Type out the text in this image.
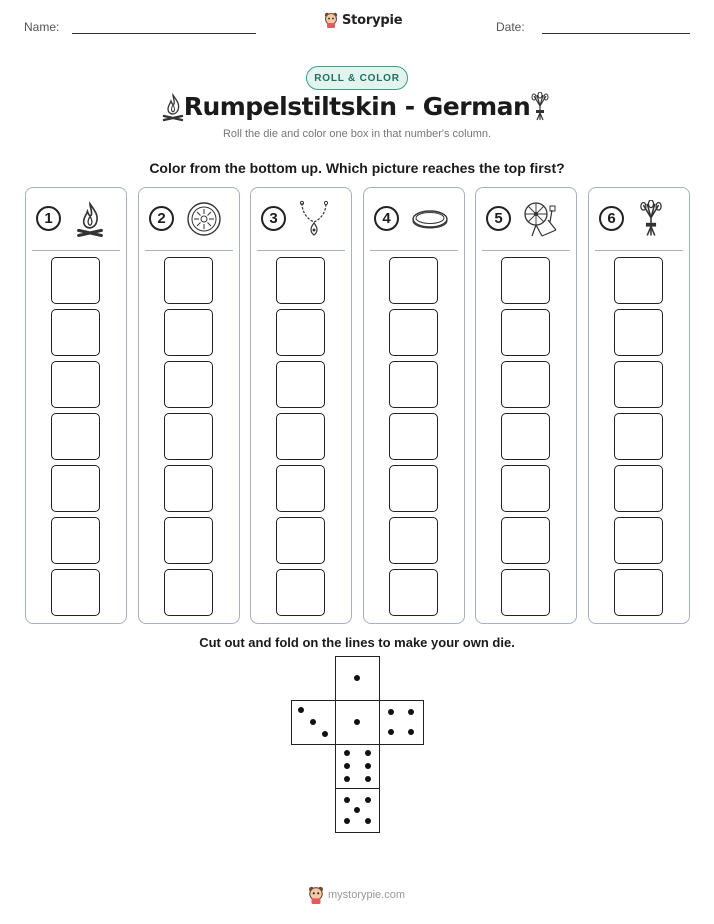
Name:	Storypie	Date:
ROLL & COLOR
Rumpelstiltskin - German
Roll the die and color one box in that number's column.
Color from the bottom up. Which picture reaches the top first?
1	2	3	4	5	6
Cut out and fold on the lines to make your own die.
mystorypie.com
